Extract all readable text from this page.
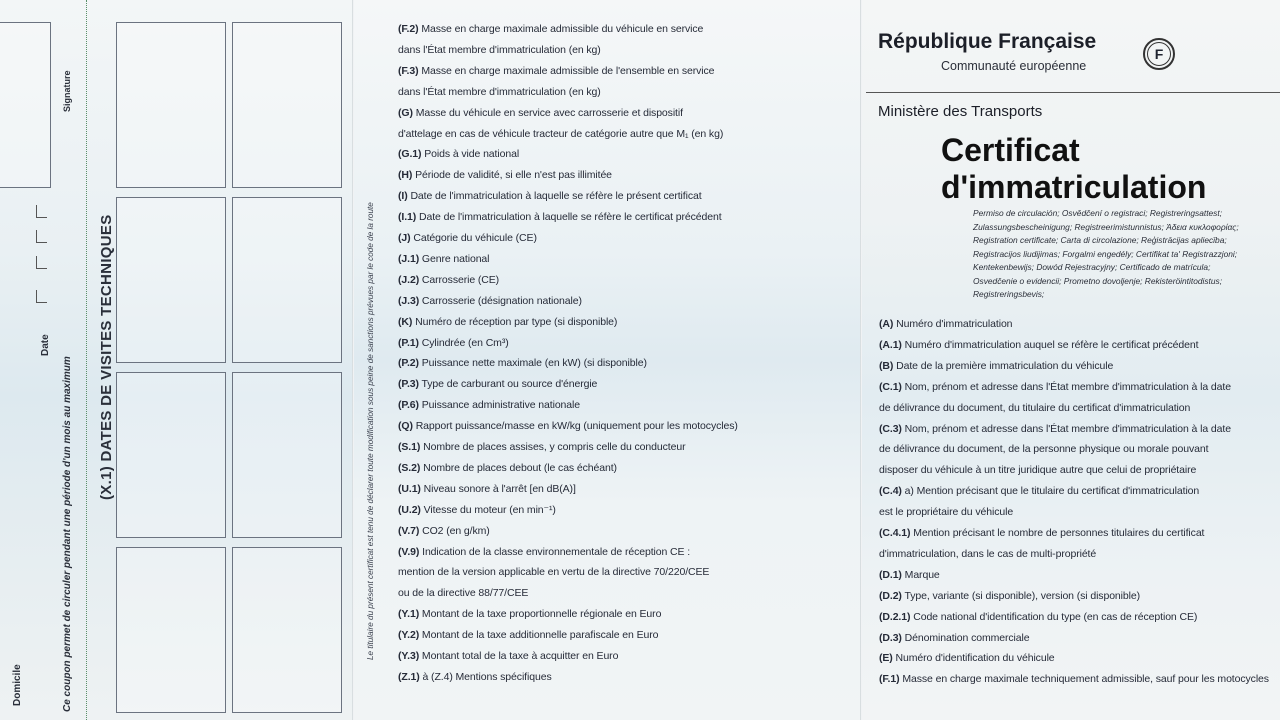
(X.1) DATES DE VISITES TECHNIQUES
Ce coupon permet de circuler pendant une période d'un mois au maximum
Date
Signature
Domicile
Le titulaire du présent certificat est tenu de déclarer toute modification sous peine de sanctions prévues par le code de la route
(F.2) Masse en charge maximale admissible du véhicule en service
dans l'État membre d'immatriculation (en kg)
(F.3) Masse en charge maximale admissible de l'ensemble en service
dans l'État membre d'immatriculation (en kg)
(G) Masse du véhicule en service avec carrosserie et dispositif
d'attelage en cas de véhicule tracteur de catégorie autre que M₁ (en kg)
(G.1) Poids à vide national
(H) Période de validité, si elle n'est pas illimitée
(I) Date de l'immatriculation à laquelle se réfère le présent certificat
(I.1) Date de l'immatriculation à laquelle se réfère le certificat précédent
(J) Catégorie du véhicule (CE)
(J.1) Genre national
(J.2) Carrosserie (CE)
(J.3) Carrosserie (désignation nationale)
(K) Numéro de réception par type (si disponible)
(P.1) Cylindrée (en Cm³)
(P.2) Puissance nette maximale (en kW) (si disponible)
(P.3) Type de carburant ou source d'énergie
(P.6) Puissance administrative nationale
(Q) Rapport puissance/masse en kW/kg (uniquement pour les motocycles)
(S.1) Nombre de places assises, y compris celle du conducteur
(S.2) Nombre de places debout (le cas échéant)
(U.1) Niveau sonore à l'arrêt [en dB(A)]
(U.2) Vitesse du moteur (en min⁻¹)
(V.7) CO2 (en g/km)
(V.9) Indication de la classe environnementale de réception CE :
mention de la version applicable en vertu de la directive 70/220/CEE
ou de la directive 88/77/CEE
(Y.1) Montant de la taxe proportionnelle régionale en Euro
(Y.2) Montant de la taxe additionnelle parafiscale en Euro
(Y.3) Montant total de la taxe à acquitter en Euro
(Z.1) à (Z.4) Mentions spécifiques
République Française
Communauté européenne
F
Ministère des Transports
Certificat
d'immatriculation
Permiso de circulación; Osvědčení o registraci; Registreringsattest;
Zulassungsbescheinigung; Registreerimistunnistus; Άδεια κυκλοφορίας;
Registration certificate; Carta di circolazione; Reģistrācijas apliecība;
Registracijos liudijimas; Forgalmi engedély; Certifikat ta' Registrazzjoni;
Kentekenbewijs; Dowód Rejestracyjny; Certificado de matrícula;
Osvedčenie o evidencii; Prometno dovoljenje; Rekisteröintitodistus;
Registreringsbevis;
(A) Numéro d'immatriculation
(A.1) Numéro d'immatriculation auquel se réfère le certificat précédent
(B) Date de la première immatriculation du véhicule
(C.1) Nom, prénom et adresse dans l'État membre d'immatriculation à la date
de délivrance du document, du titulaire du certificat d'immatriculation
(C.3) Nom, prénom et adresse dans l'État membre d'immatriculation à la date
de délivrance du document, de la personne physique ou morale pouvant
disposer du véhicule à un titre juridique autre que celui de propriétaire
(C.4) a) Mention précisant que le titulaire du certificat d'immatriculation
est le propriétaire du véhicule
(C.4.1) Mention précisant le nombre de personnes titulaires du certificat
d'immatriculation, dans le cas de multi-propriété
(D.1) Marque
(D.2) Type, variante (si disponible), version (si disponible)
(D.2.1) Code national d'identification du type (en cas de réception CE)
(D.3) Dénomination commerciale
(E) Numéro d'identification du véhicule
(F.1) Masse en charge maximale techniquement admissible, sauf pour les motocycles
